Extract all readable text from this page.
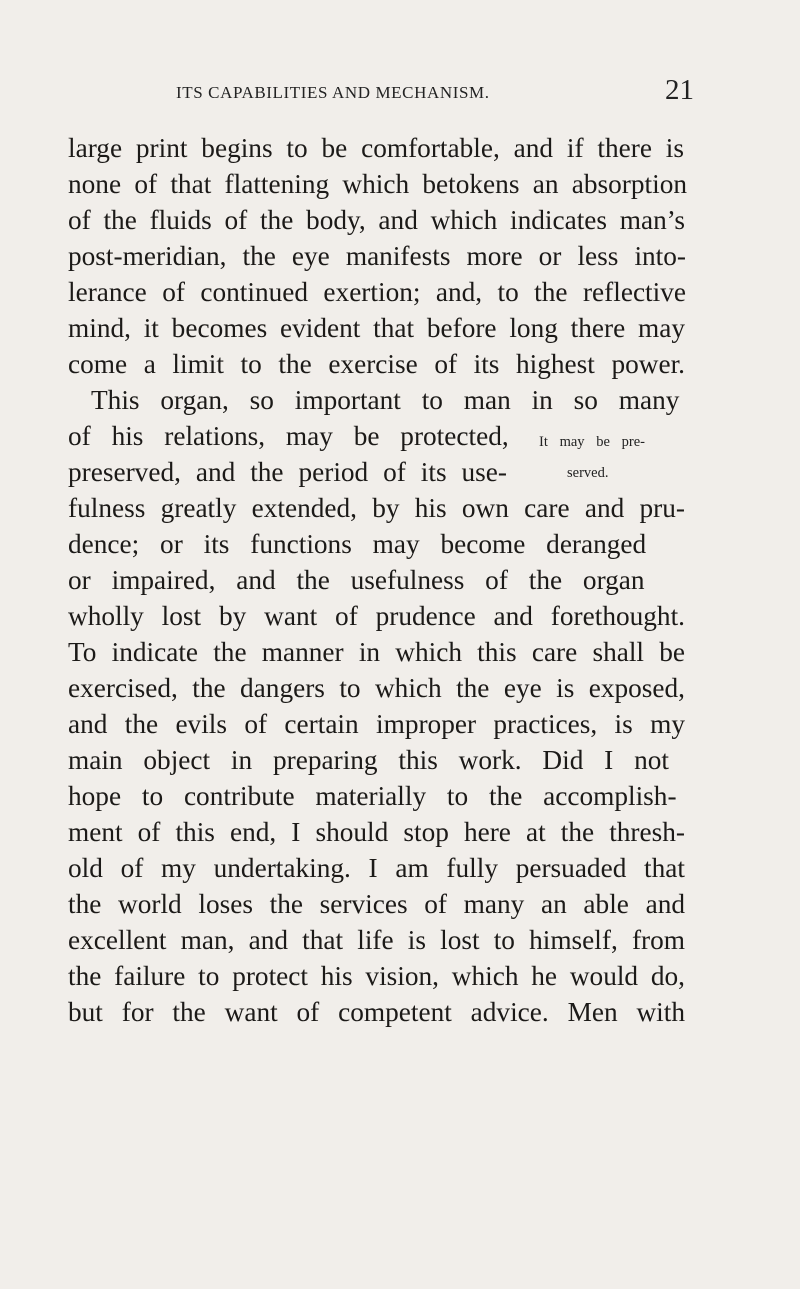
ITS CAPABILITIES AND MECHANISM.	21
large print begins to be comfortable, and if there is
none of that flattening which betokens an absorption
of the fluids of the body, and which indicates man’s
post-meridian, the eye manifests more or less into-
lerance of continued exertion; and, to the reflective
mind, it becomes evident that before long there may
come a limit to the exercise of its highest power.
This organ, so important to man in so many
of his relations, may be protected,
preserved, and the period of its use-
fulness greatly extended, by his own care and pru-
dence; or its functions may become deranged
or impaired, and the usefulness of the organ
wholly lost by want of prudence and forethought.
To indicate the manner in which this care shall be
exercised, the dangers to which the eye is exposed,
and the evils of certain improper practices, is my
main object in preparing this work. Did I not
hope to contribute materially to the accomplish-
ment of this end, I should stop here at the thresh-
old of my undertaking. I am fully persuaded that
the world loses the services of many an able and
excellent man, and that life is lost to himself, from
the failure to protect his vision, which he would do,
but for the want of competent advice. Men with
It may be pre-
served.
